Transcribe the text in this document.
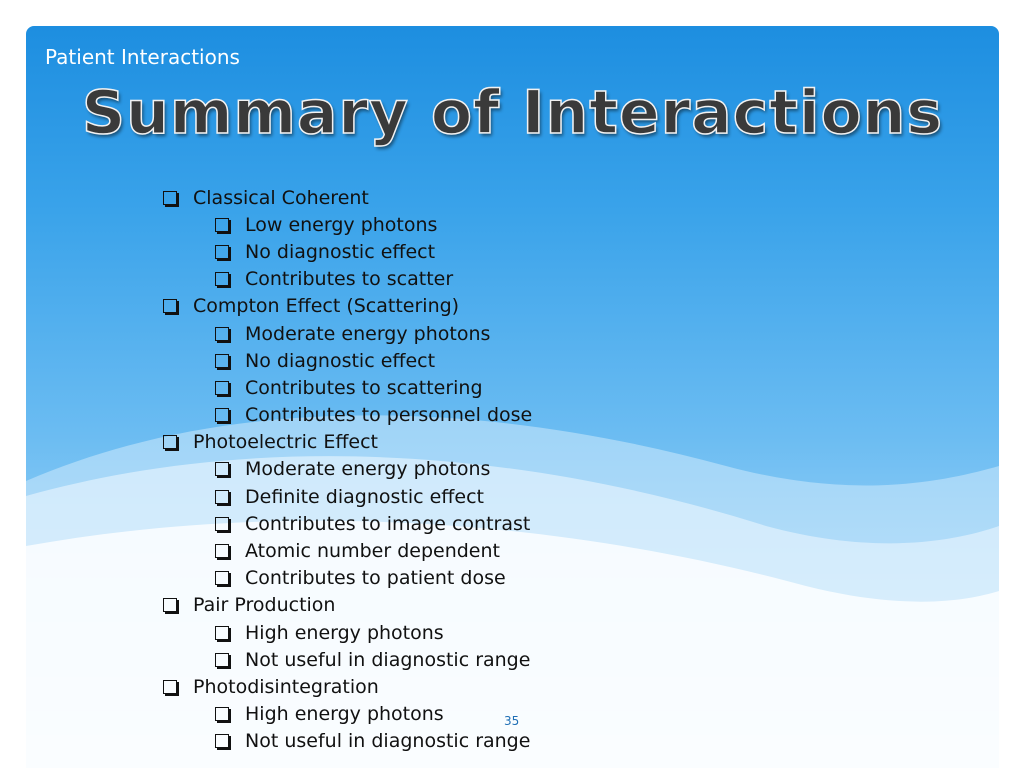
Patient Interactions
Summary of Interactions
Classical Coherent
Low energy photons
No diagnostic effect
Contributes to scatter
Compton Effect (Scattering)
Moderate energy photons
No diagnostic effect
Contributes to scattering
Contributes to personnel dose
Photoelectric Effect
Moderate energy photons
Definite diagnostic effect
Contributes to image contrast
Atomic number dependent
Contributes to patient dose
Pair Production
High energy photons
Not useful in diagnostic range
Photodisintegration
High energy photons
Not useful in diagnostic range
35
